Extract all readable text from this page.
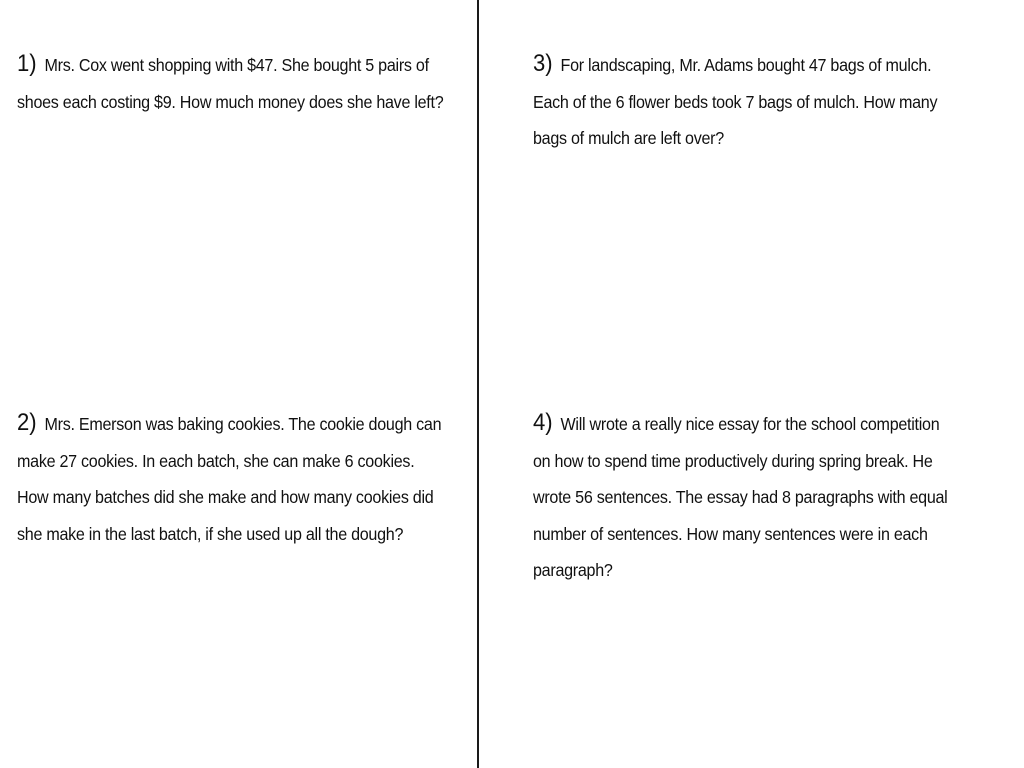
1) Mrs. Cox went shopping with $47. She bought 5 pairs of shoes each costing $9. How much money does she have left?
2) Mrs. Emerson was baking cookies. The cookie dough can make 27 cookies. In each batch, she can make 6 cookies. How many batches did she make and how many cookies did she make in the last batch, if she used up all the dough?
3) For landscaping, Mr. Adams bought 47 bags of mulch. Each of the 6 flower beds took 7 bags of mulch. How many bags of mulch are left over?
4) Will wrote a really nice essay for the school competition on how to spend time productively during spring break. He wrote 56 sentences. The essay had 8 paragraphs with equal number of sentences. How many sentences were in each paragraph?
